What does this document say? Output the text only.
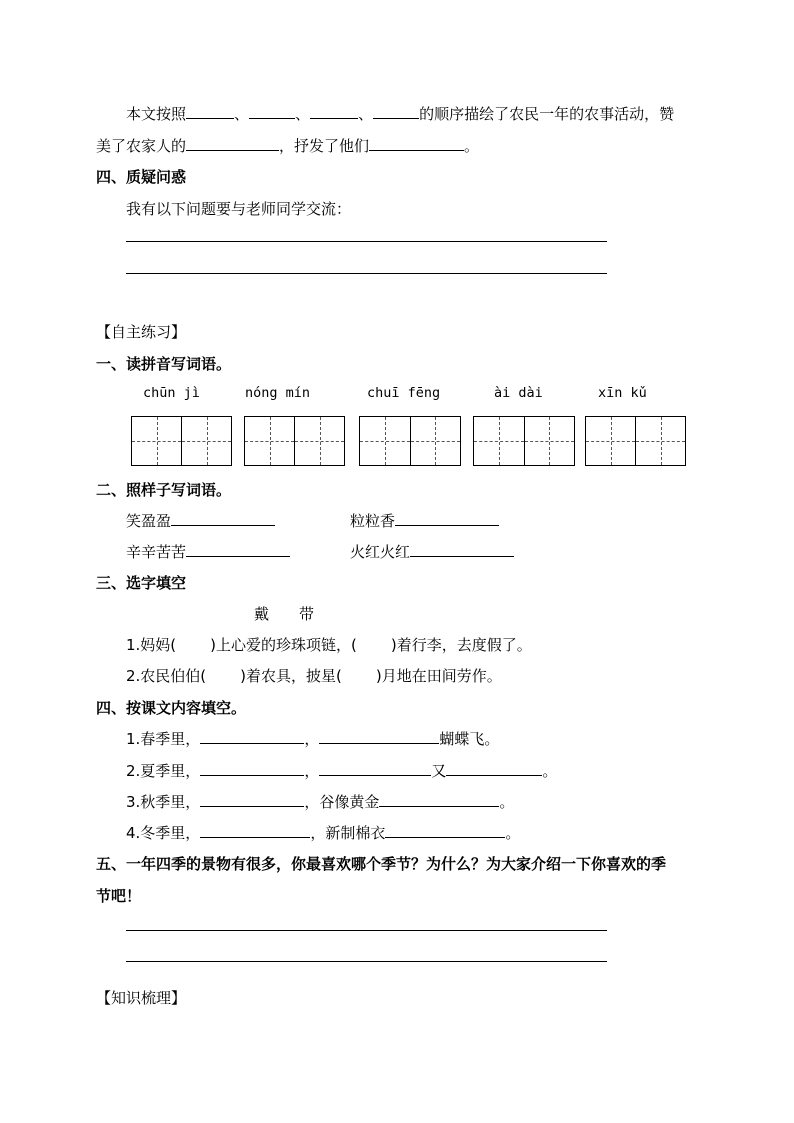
本文按照	、	、	、	的顺序描绘了农民一年的农事活动，赞
美了农家人的	，抒发了他们	。
四、质疑问惑
我有以下问题要与老师同学交流：
【自主练习】
一、读拼音写词语。
chūn jì	nóng mín	chuī fēng	ài dài	xīn kǔ
二、照样子写词语。
笑盈盈	粒粒香
辛辛苦苦	火红火红
三、选字填空
戴　　带
1.妈妈( )上心爱的珍珠项链，( )着行李，去度假了。
2.农民伯伯( )着农具，披星( )月地在田间劳作。
四、按课文内容填空。
1.春季里，	，	蝴蝶飞。
2.夏季里，	，	又	。
3.秋季里，	，谷像黄金	。
4.冬季里，	，新制棉衣	。
五、一年四季的景物有很多，你最喜欢哪个季节？为什么？为大家介绍一下你喜欢的季
节吧！
【知识梳理】
